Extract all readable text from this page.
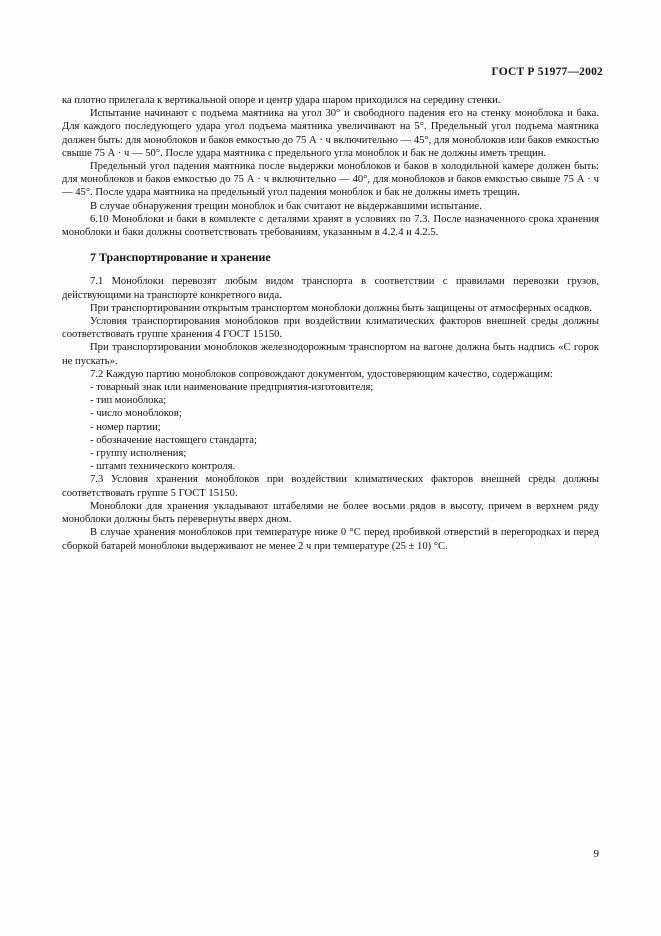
ГОСТ Р 51977—2002

ка плотно прилегала к вертикальной опоре и центр удара шаром приходился на середину стенки.

Испытание начинают с подъема маятника на угол 30° и свободного падения его на стенку моноблока и бака. Для каждого последующего удара угол подъема маятника увеличивают на 5°. Предельный угол подъема маятника должен быть: для моноблоков и баков емкостью до 75 А · ч включительно — 45°, для моноблоков или баков емкостью свыше 75 А · ч — 50°. После удара маятника с предельного угла моноблок и бак не должны иметь трещин.

Предельный угол падения маятника после выдержки моноблоков и баков в холодильной камере должен быть: для моноблоков и баков емкостью до 75 А · ч включительно — 40°, для моноблоков и баков емкостью свыше 75 А · ч — 45°. После удара маятника на предельный угол падения моноблок и бак не должны иметь трещин.

В случае обнаружения трещин моноблок и бак считают не выдержавшими испытание.

6.10 Моноблоки и баки в комплекте с деталями хранят в условиях по 7.3. После назначенного срока хранения моноблоки и баки должны соответствовать требованиям, указанным в 4.2.4 и 4.2.5.

7 Транспортирование и хранение

7.1 Моноблоки перевозят любым видом транспорта в соответствии с правилами перевозки грузов, действующими на транспорте конкретного вида.

При транспортировании открытым транспортом моноблоки должны быть защищены от атмосферных осадков.

Условия транспортирования моноблоков при воздействии климатических факторов внешней среды должны соответствовать группе хранения 4 ГОСТ 15150.

При транспортировании моноблоков железнодорожным транспортом на вагоне должна быть надпись «С горок не пускать».

7.2 Каждую партию моноблоков сопровождают документом, удостоверяющим качество, содержащим:

- товарный знак или наименование предприятия-изготовителя;
- тип моноблока;
- число моноблоков;
- номер партии;
- обозначение настоящего стандарта;
- группу исполнения;
- штамп технического контроля.

7.3 Условия хранения моноблоков при воздействии климатических факторов внешней среды должны соответствовать группе 5 ГОСТ 15150.

Моноблоки для хранения укладывают штабелями не более восьми рядов в высоту, причем в верхнем ряду моноблоки должны быть перевернуты вверх дном.

В случае хранения моноблоков при температуре ниже 0 °С перед пробивкой отверстий в перегородках и перед сборкой батарей моноблоки выдерживают не менее 2 ч при температуре (25 ± 10) °С.

9
